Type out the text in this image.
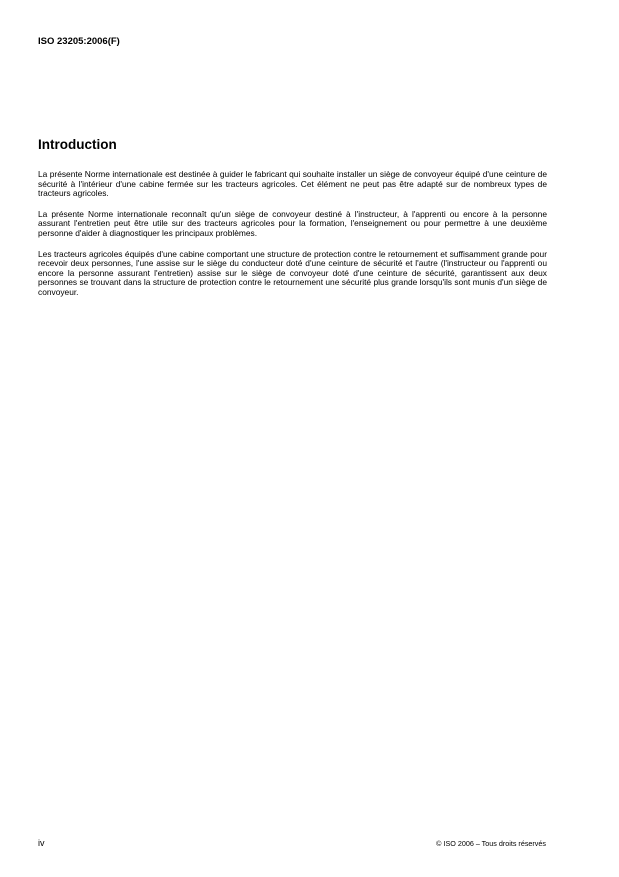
ISO 23205:2006(F)
Introduction

La présente Norme internationale est destinée à guider le fabricant qui souhaite installer un siège de convoyeur équipé d'une ceinture de sécurité à l'intérieur d'une cabine fermée sur les tracteurs agricoles. Cet élément ne peut pas être adapté sur de nombreux types de tracteurs agricoles.

La présente Norme internationale reconnaît qu'un siège de convoyeur destiné à l'instructeur, à l'apprenti ou encore à la personne assurant l'entretien peut être utile sur des tracteurs agricoles pour la formation, l'enseignement ou pour permettre à une deuxième personne d'aider à diagnostiquer les principaux problèmes.

Les tracteurs agricoles équipés d'une cabine comportant une structure de protection contre le retournement et suffisamment grande pour recevoir deux personnes, l'une assise sur le siège du conducteur doté d'une ceinture de sécurité et l'autre (l'instructeur ou l'apprenti ou encore la personne assurant l'entretien) assise sur le siège de convoyeur doté d'une ceinture de sécurité, garantissent aux deux personnes se trouvant dans la structure de protection contre le retournement une sécurité plus grande lorsqu'ils sont munis d'un siège de convoyeur.

iv	© ISO 2006 – Tous droits réservés
